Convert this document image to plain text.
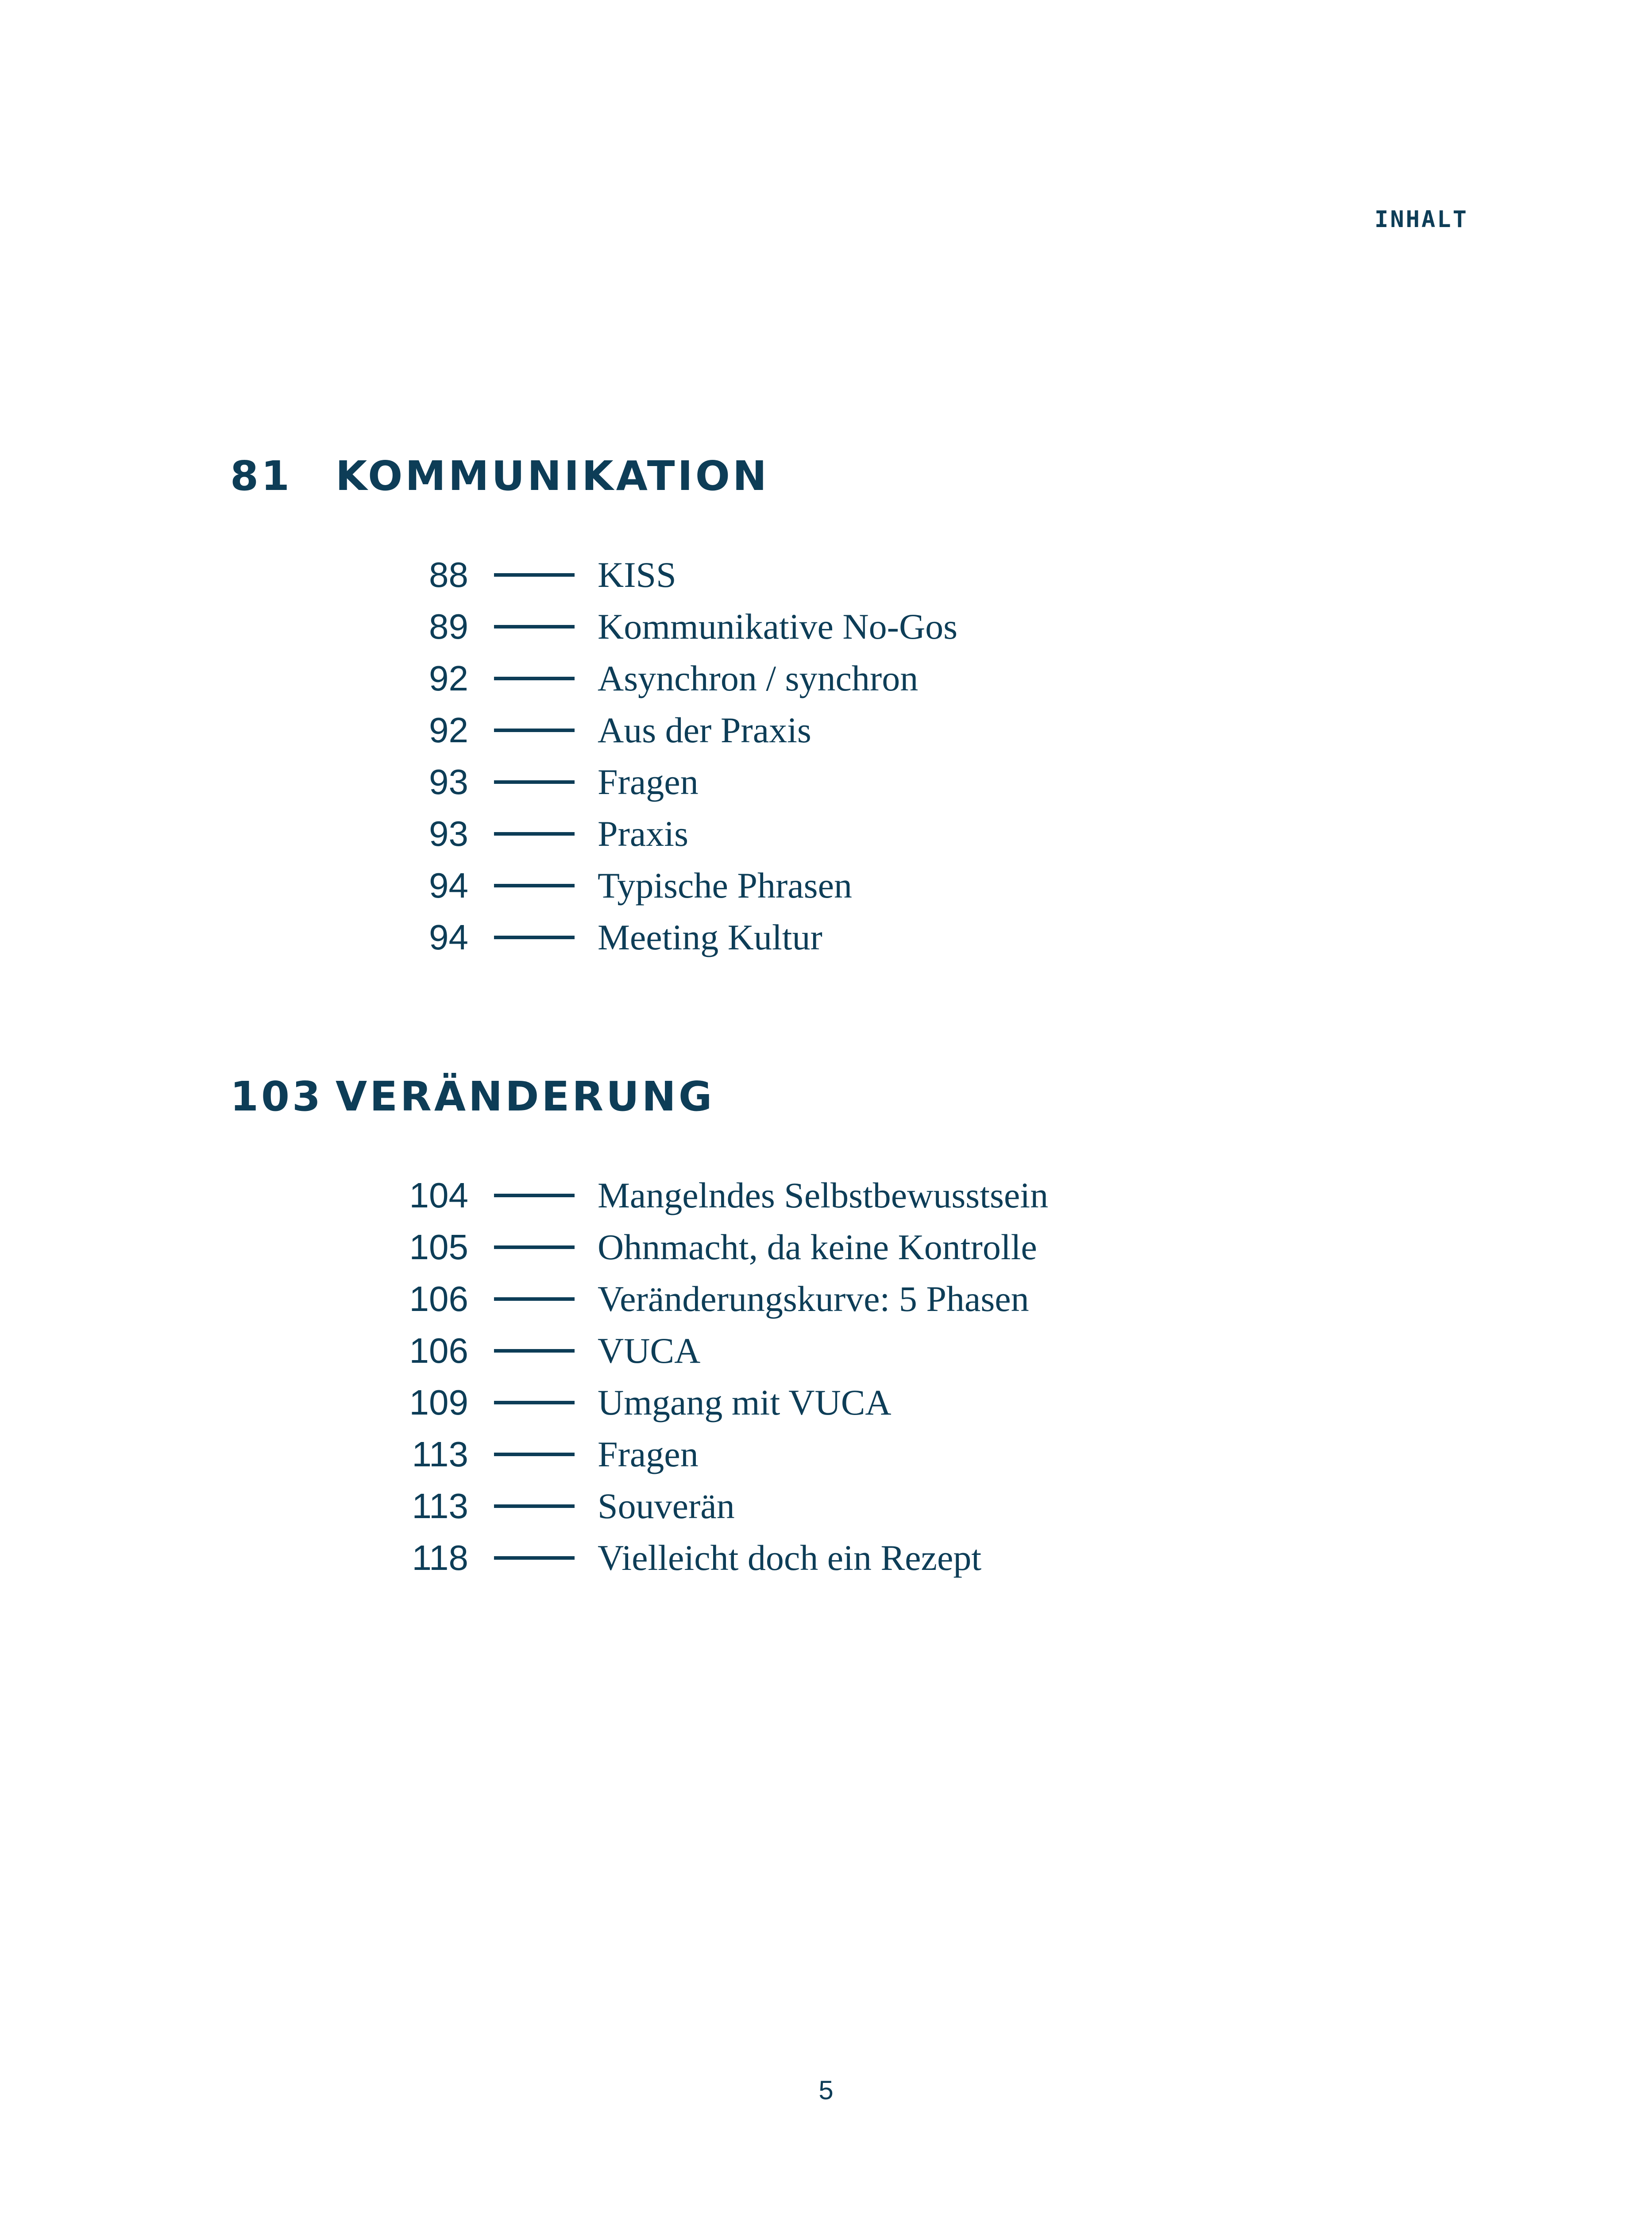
INHALT
81	KOMMUNIKATION
88	KISS
89	Kommunikative No-Gos
92	Asynchron / synchron
92	Aus der Praxis
93	Fragen
93	Praxis
94	Typische Phrasen
94	Meeting Kultur
103 VERÄNDERUNG
104	Mangelndes Selbstbewusstsein
105	Ohnmacht, da keine Kontrolle
106	Veränderungskurve: 5 Phasen
106	VUCA
109	Umgang mit VUCA
113	Fragen
113	Souverän
118	Vielleicht doch ein Rezept
5
